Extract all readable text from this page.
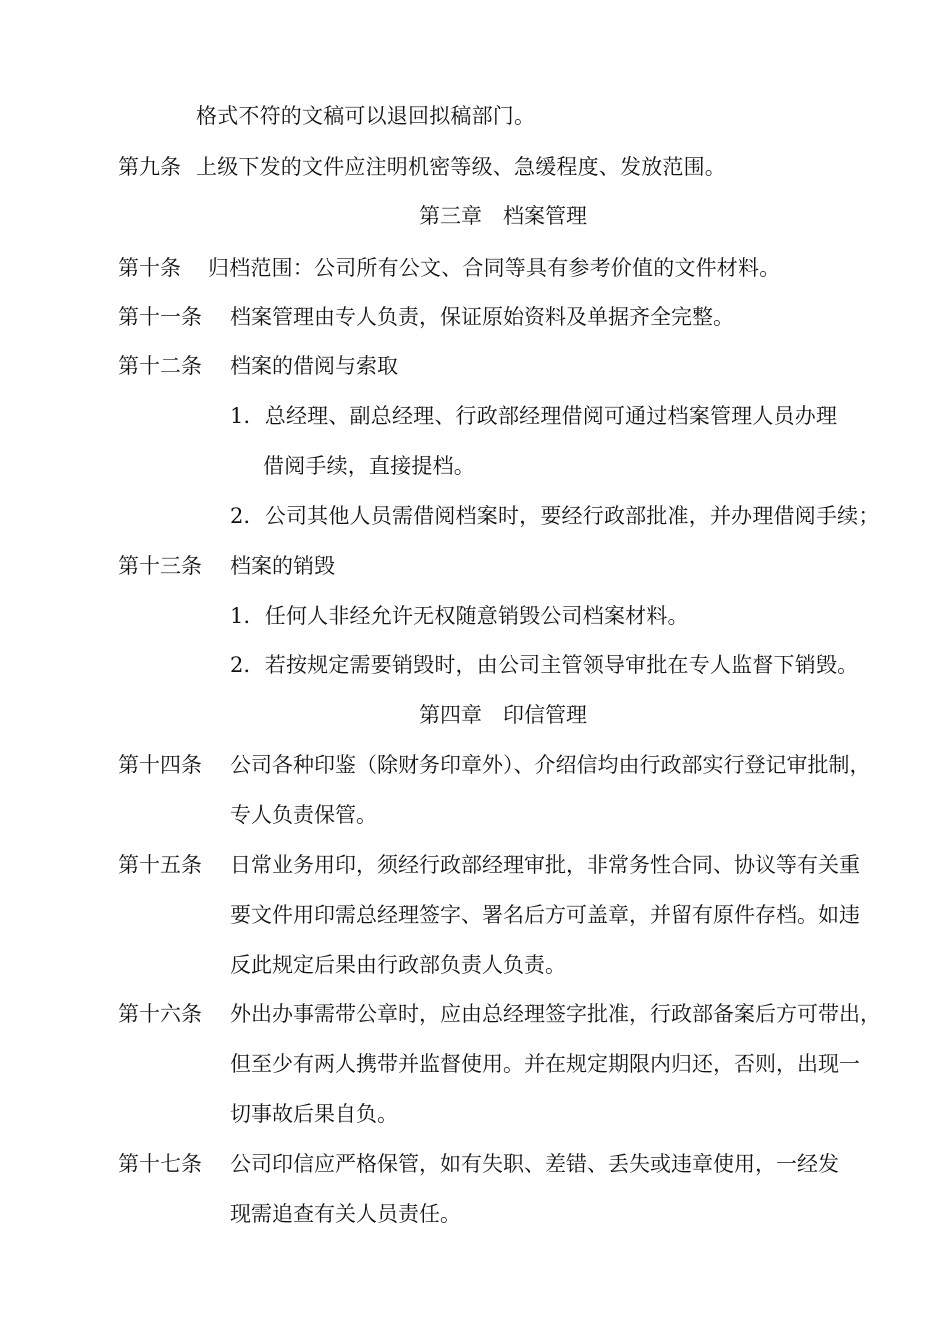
格式不符的文稿可以退回拟稿部门。
第九条 上级下发的文件应注明机密等级、急缓程度、发放范围。
第三章　档案管理
第十条 归档范围：公司所有公文、合同等具有参考价值的文件材料。
第十一条 档案管理由专人负责，保证原始资料及单据齐全完整。
第十二条 档案的借阅与索取
1．总经理、副总经理、行政部经理借阅可通过档案管理人员办理
借阅手续，直接提档。
2．公司其他人员需借阅档案时，要经行政部批准，并办理借阅手续；
第十三条 档案的销毁
1．任何人非经允许无权随意销毁公司档案材料。
2．若按规定需要销毁时，由公司主管领导审批在专人监督下销毁。
第四章　印信管理
第十四条 公司各种印鉴（除财务印章外）、介绍信均由行政部实行登记审批制，
专人负责保管。
第十五条 日常业务用印，须经行政部经理审批，非常务性合同、协议等有关重
要文件用印需总经理签字、署名后方可盖章，并留有原件存档。如违
反此规定后果由行政部负责人负责。
第十六条 外出办事需带公章时，应由总经理签字批准，行政部备案后方可带出，
但至少有两人携带并监督使用。并在规定期限内归还，否则，出现一
切事故后果自负。
第十七条 公司印信应严格保管，如有失职、差错、丢失或违章使用，一经发
现需追查有关人员责任。
